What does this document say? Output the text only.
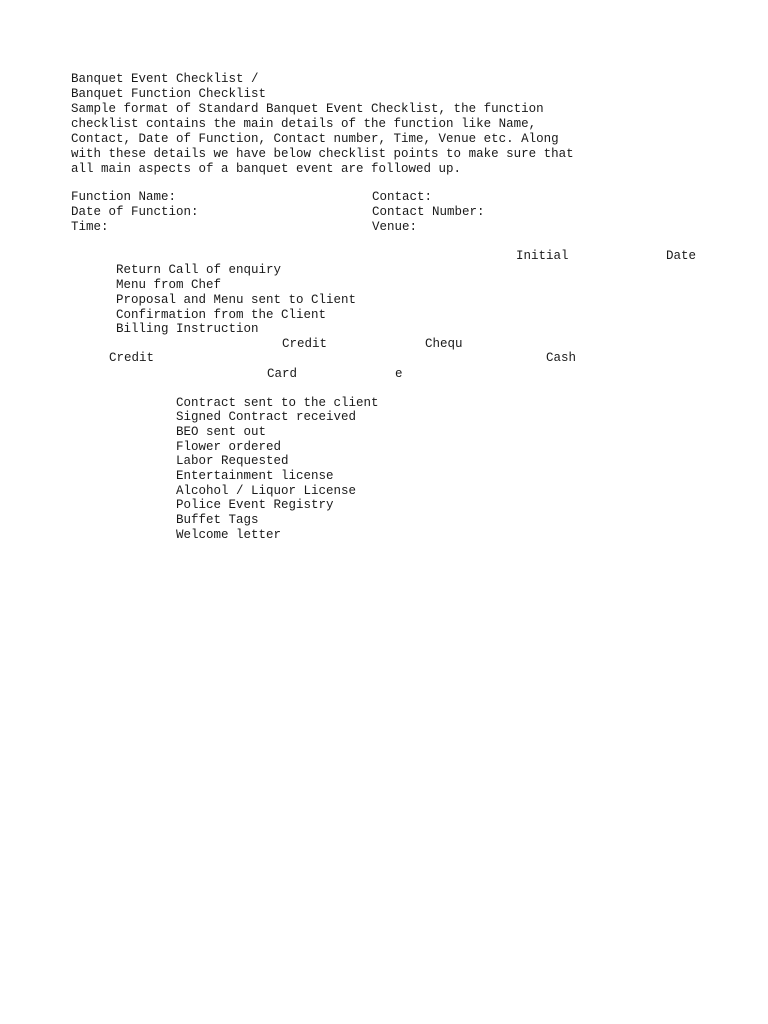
Banquet Event Checklist /
Banquet Function Checklist
Sample format of Standard Banquet Event Checklist, the function
checklist contains the main details of the function like Name,
Contact, Date of Function, Contact number, Time, Venue etc. Along
with these details we have below checklist points to make sure that
all main aspects of a banquet event are followed up.
Function Name:	Contact:
Date of Function:	Contact Number:
Time:	Venue:
Initial	Date
Return Call of enquiry
Menu from Chef
Proposal and Menu sent to Client
Confirmation from the Client
Billing Instruction
Credit	Chequ
Credit	Cash
Card	e
Contract sent to the client
Signed Contract received
BEO sent out
Flower ordered
Labor Requested
Entertainment license
Alcohol / Liquor License
Police Event Registry
Buffet Tags
Welcome letter
